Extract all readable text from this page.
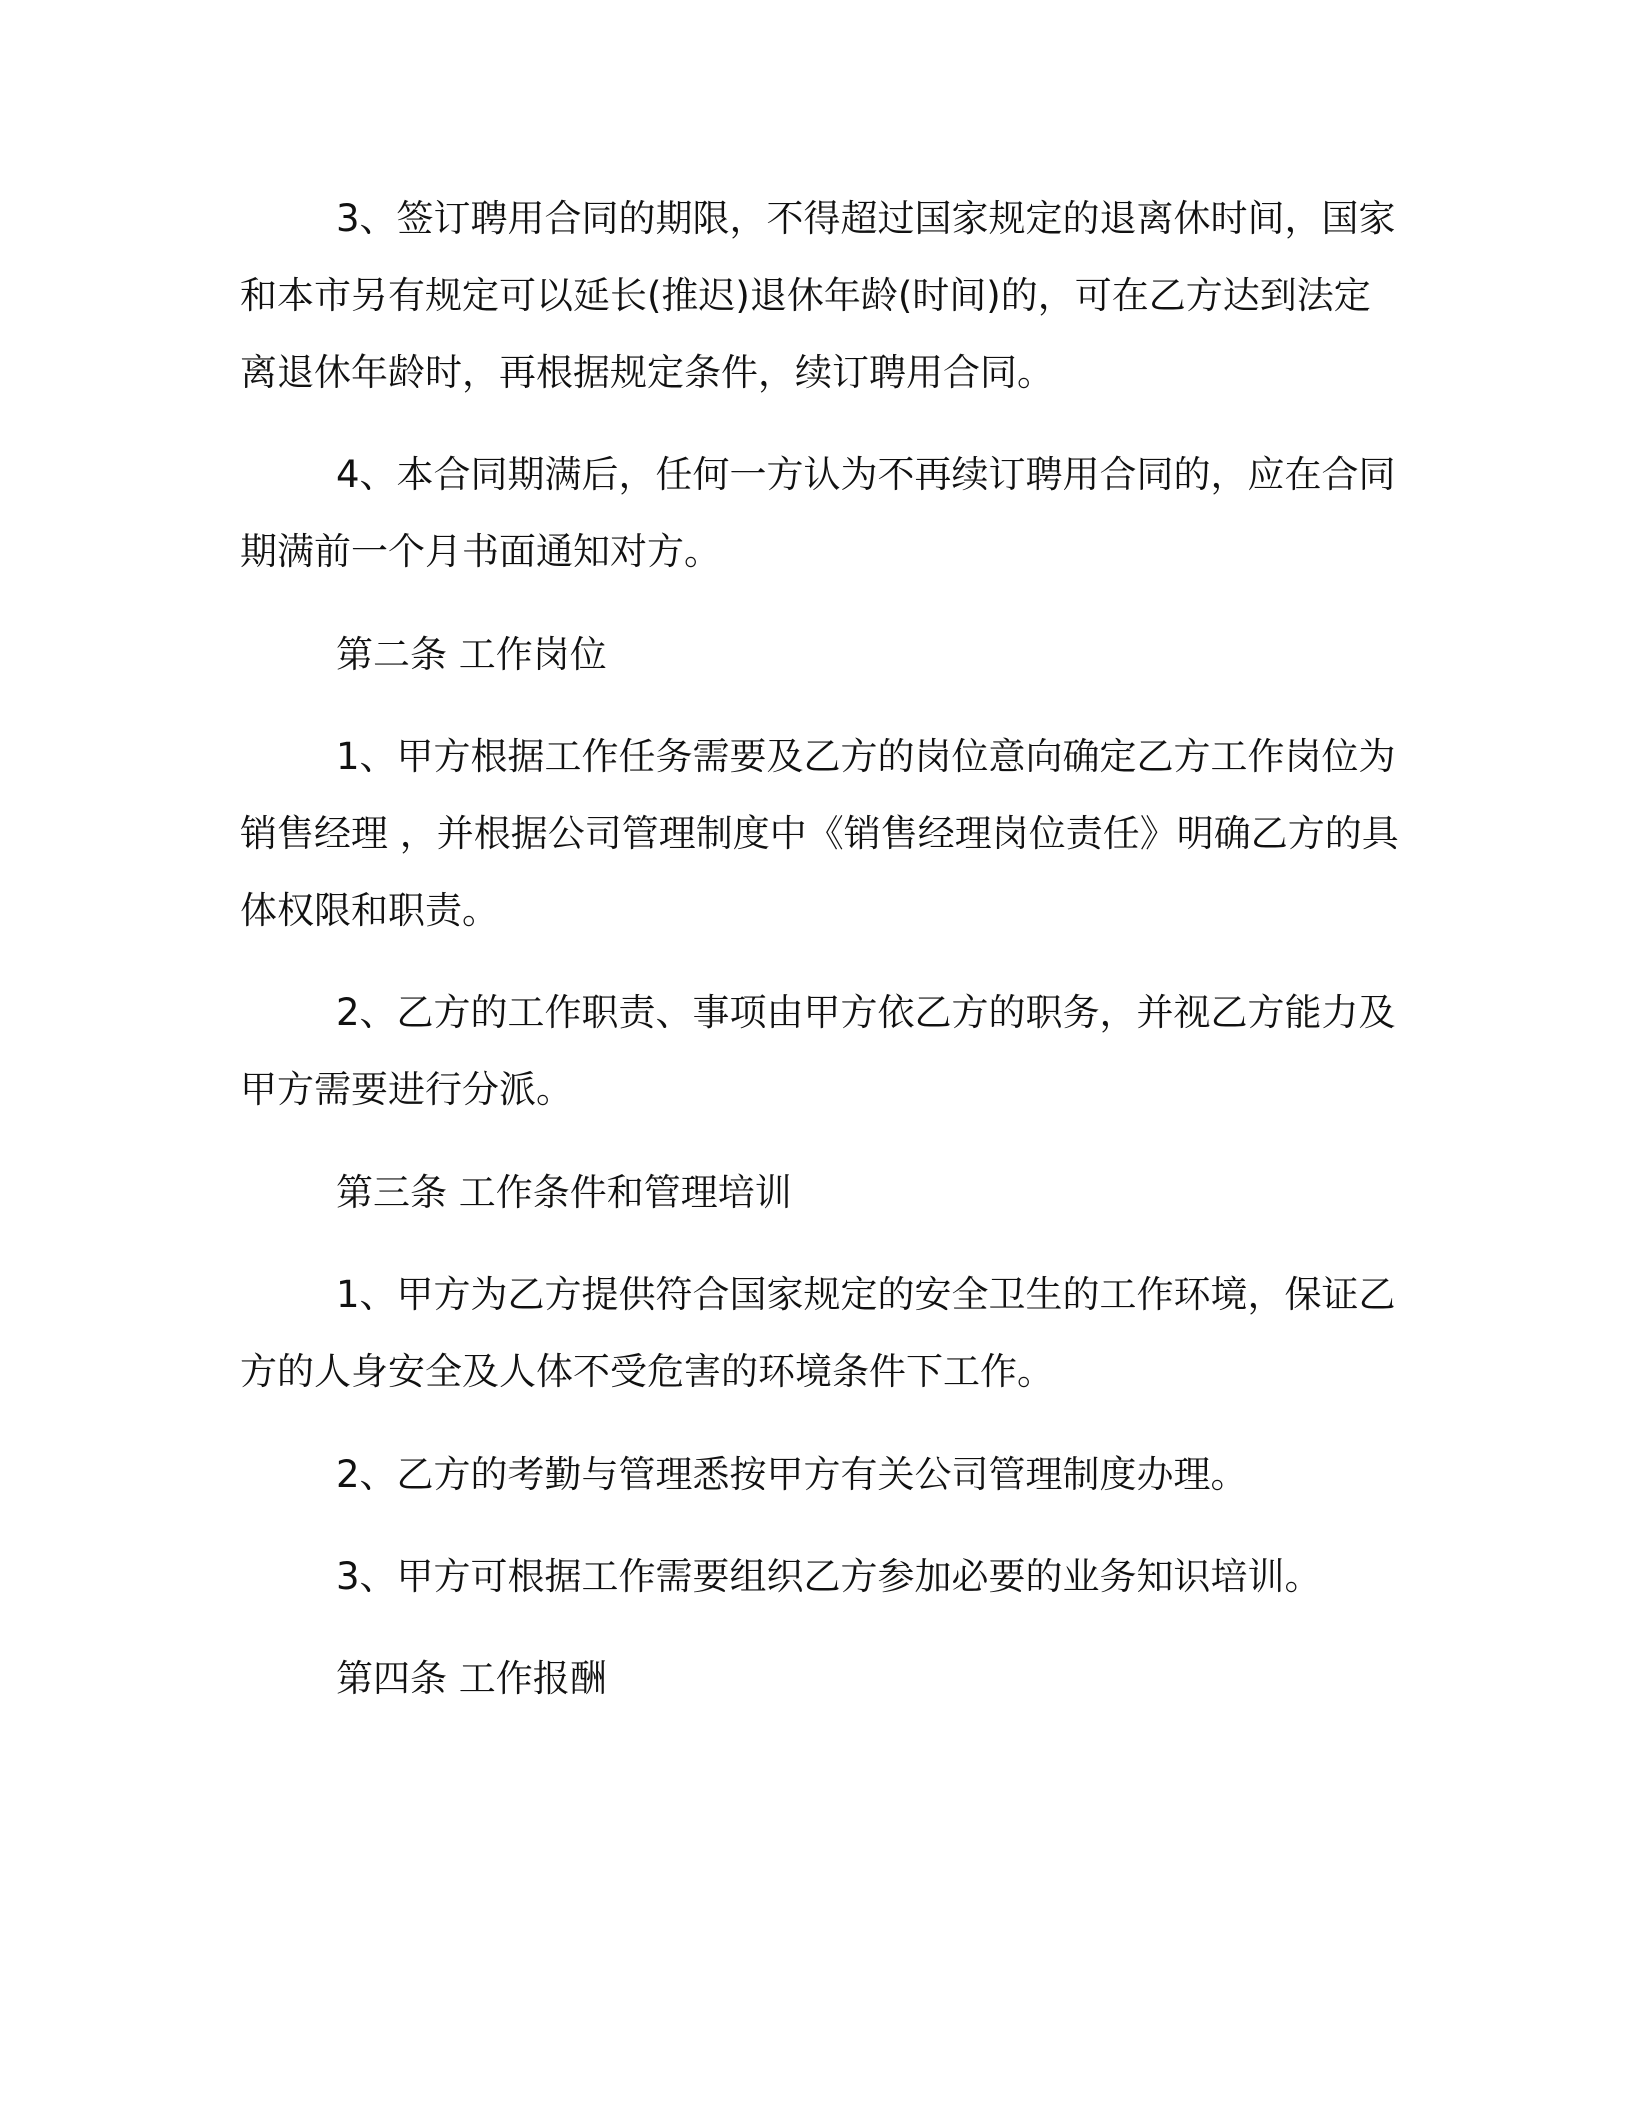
3、签订聘用合同的期限，不得超过国家规定的退离休时间，国家和本市另有规定可以延长(推迟)退休年龄(时间)的，可在乙方达到法定离退休年龄时，再根据规定条件，续订聘用合同。

4、本合同期满后，任何一方认为不再续订聘用合同的，应在合同期满前一个月书面通知对方。

第二条 工作岗位

1、甲方根据工作任务需要及乙方的岗位意向确定乙方工作岗位为 销售经理 ，并根据公司管理制度中《销售经理岗位责任》明确乙方的具体权限和职责。

2、乙方的工作职责、事项由甲方依乙方的职务，并视乙方能力及甲方需要进行分派。

第三条 工作条件和管理培训

1、甲方为乙方提供符合国家规定的安全卫生的工作环境，保证乙方的人身安全及人体不受危害的环境条件下工作。

2、乙方的考勤与管理悉按甲方有关公司管理制度办理。

3、甲方可根据工作需要组织乙方参加必要的业务知识培训。

第四条 工作报酬
